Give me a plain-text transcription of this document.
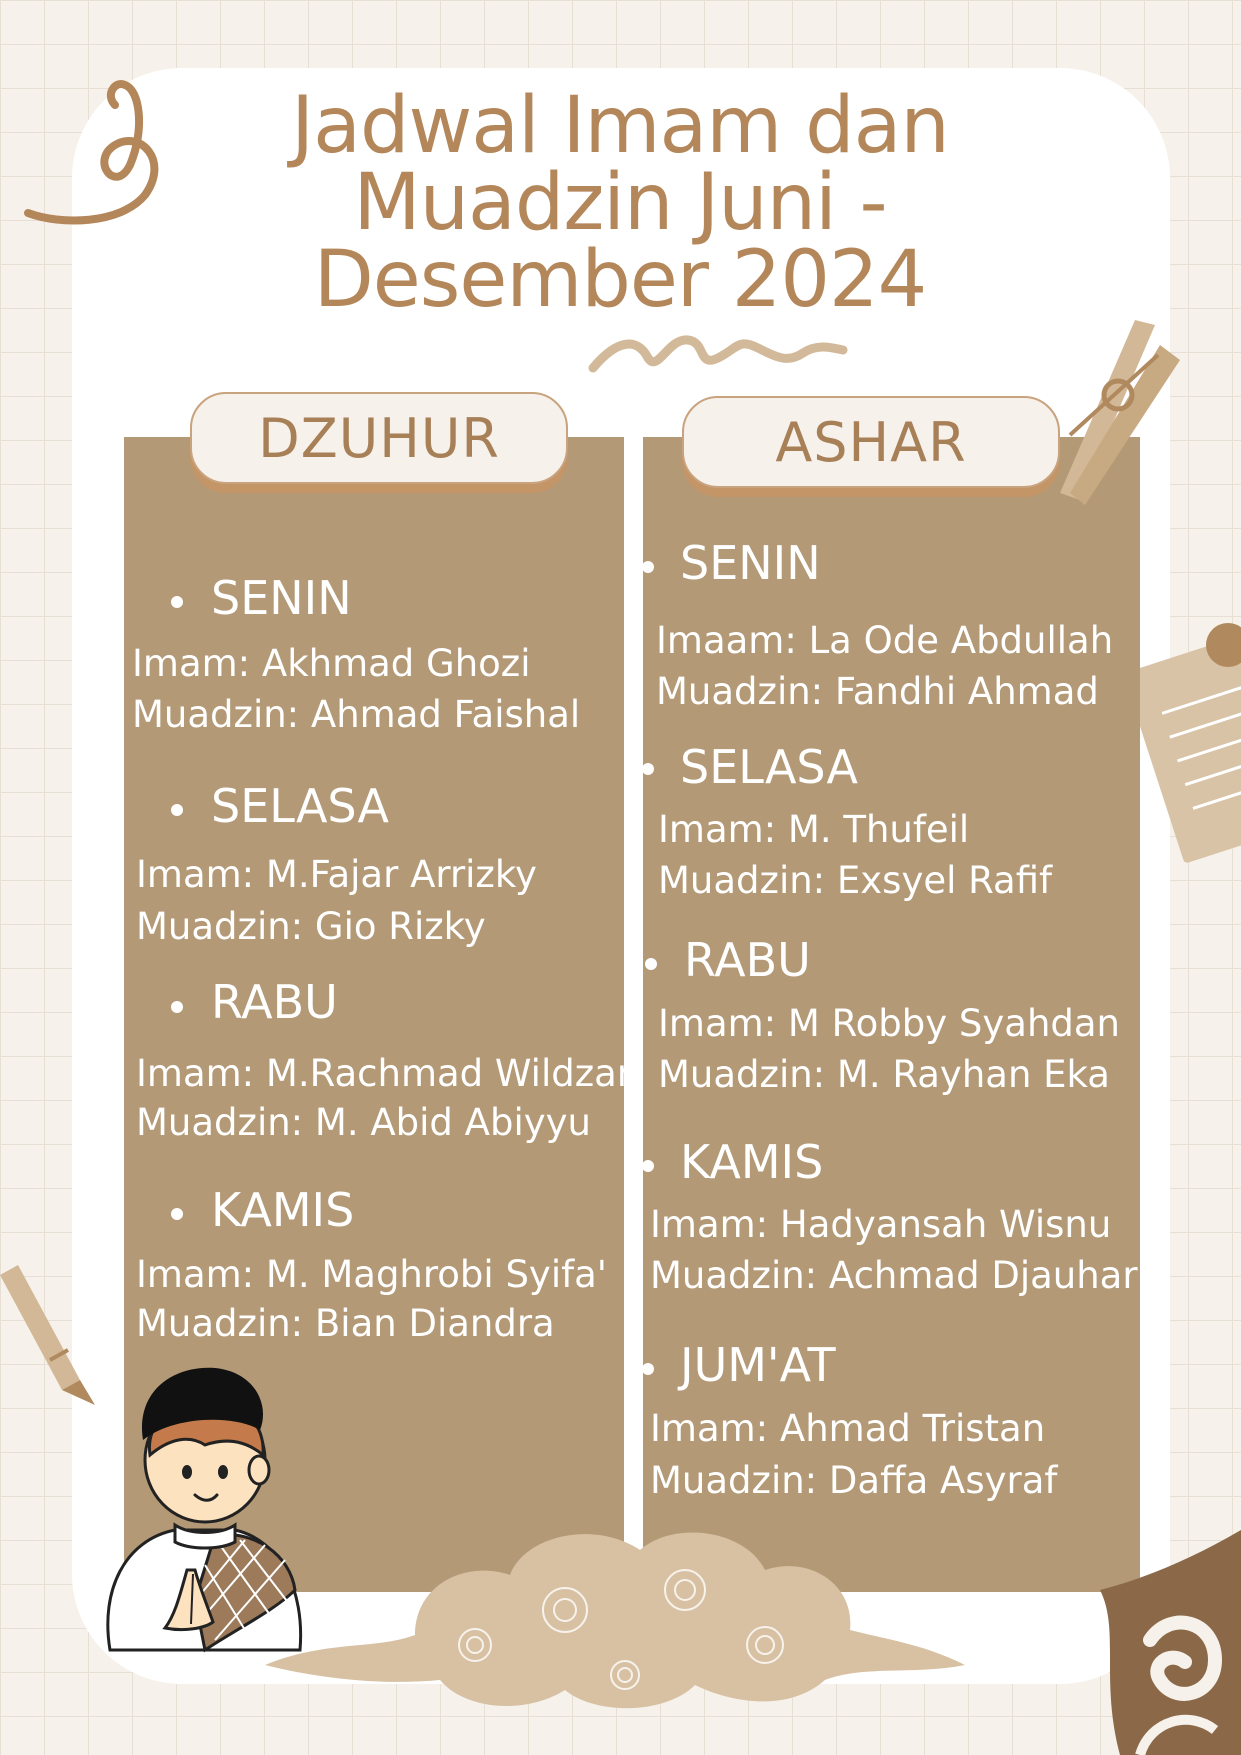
Jadwal Imam dan Muadzin Juni - Desember 2024
DZUHUR	ASHAR
SENIN
Imam: Akhmad Ghozi
Muadzin: Ahmad Faishal
SELASA
Imam: M.Fajar Arrizky
Muadzin: Gio Rizky
RABU
Imam: M.Rachmad Wildzan
Muadzin: M. Abid Abiyyu
KAMIS
Imam: M. Maghrobi Syifa'
Muadzin: Bian Diandra
SENIN
Imaam: La Ode Abdullah
Muadzin: Fandhi Ahmad
SELASA
Imam: M. Thufeil
Muadzin: Exsyel Rafif
RABU
Imam: M Robby Syahdan
Muadzin: M. Rayhan Eka
KAMIS
Imam: Hadyansah Wisnu
Muadzin: Achmad Djauhar
JUM'AT
Imam: Ahmad Tristan
Muadzin: Daffa Asyraf
